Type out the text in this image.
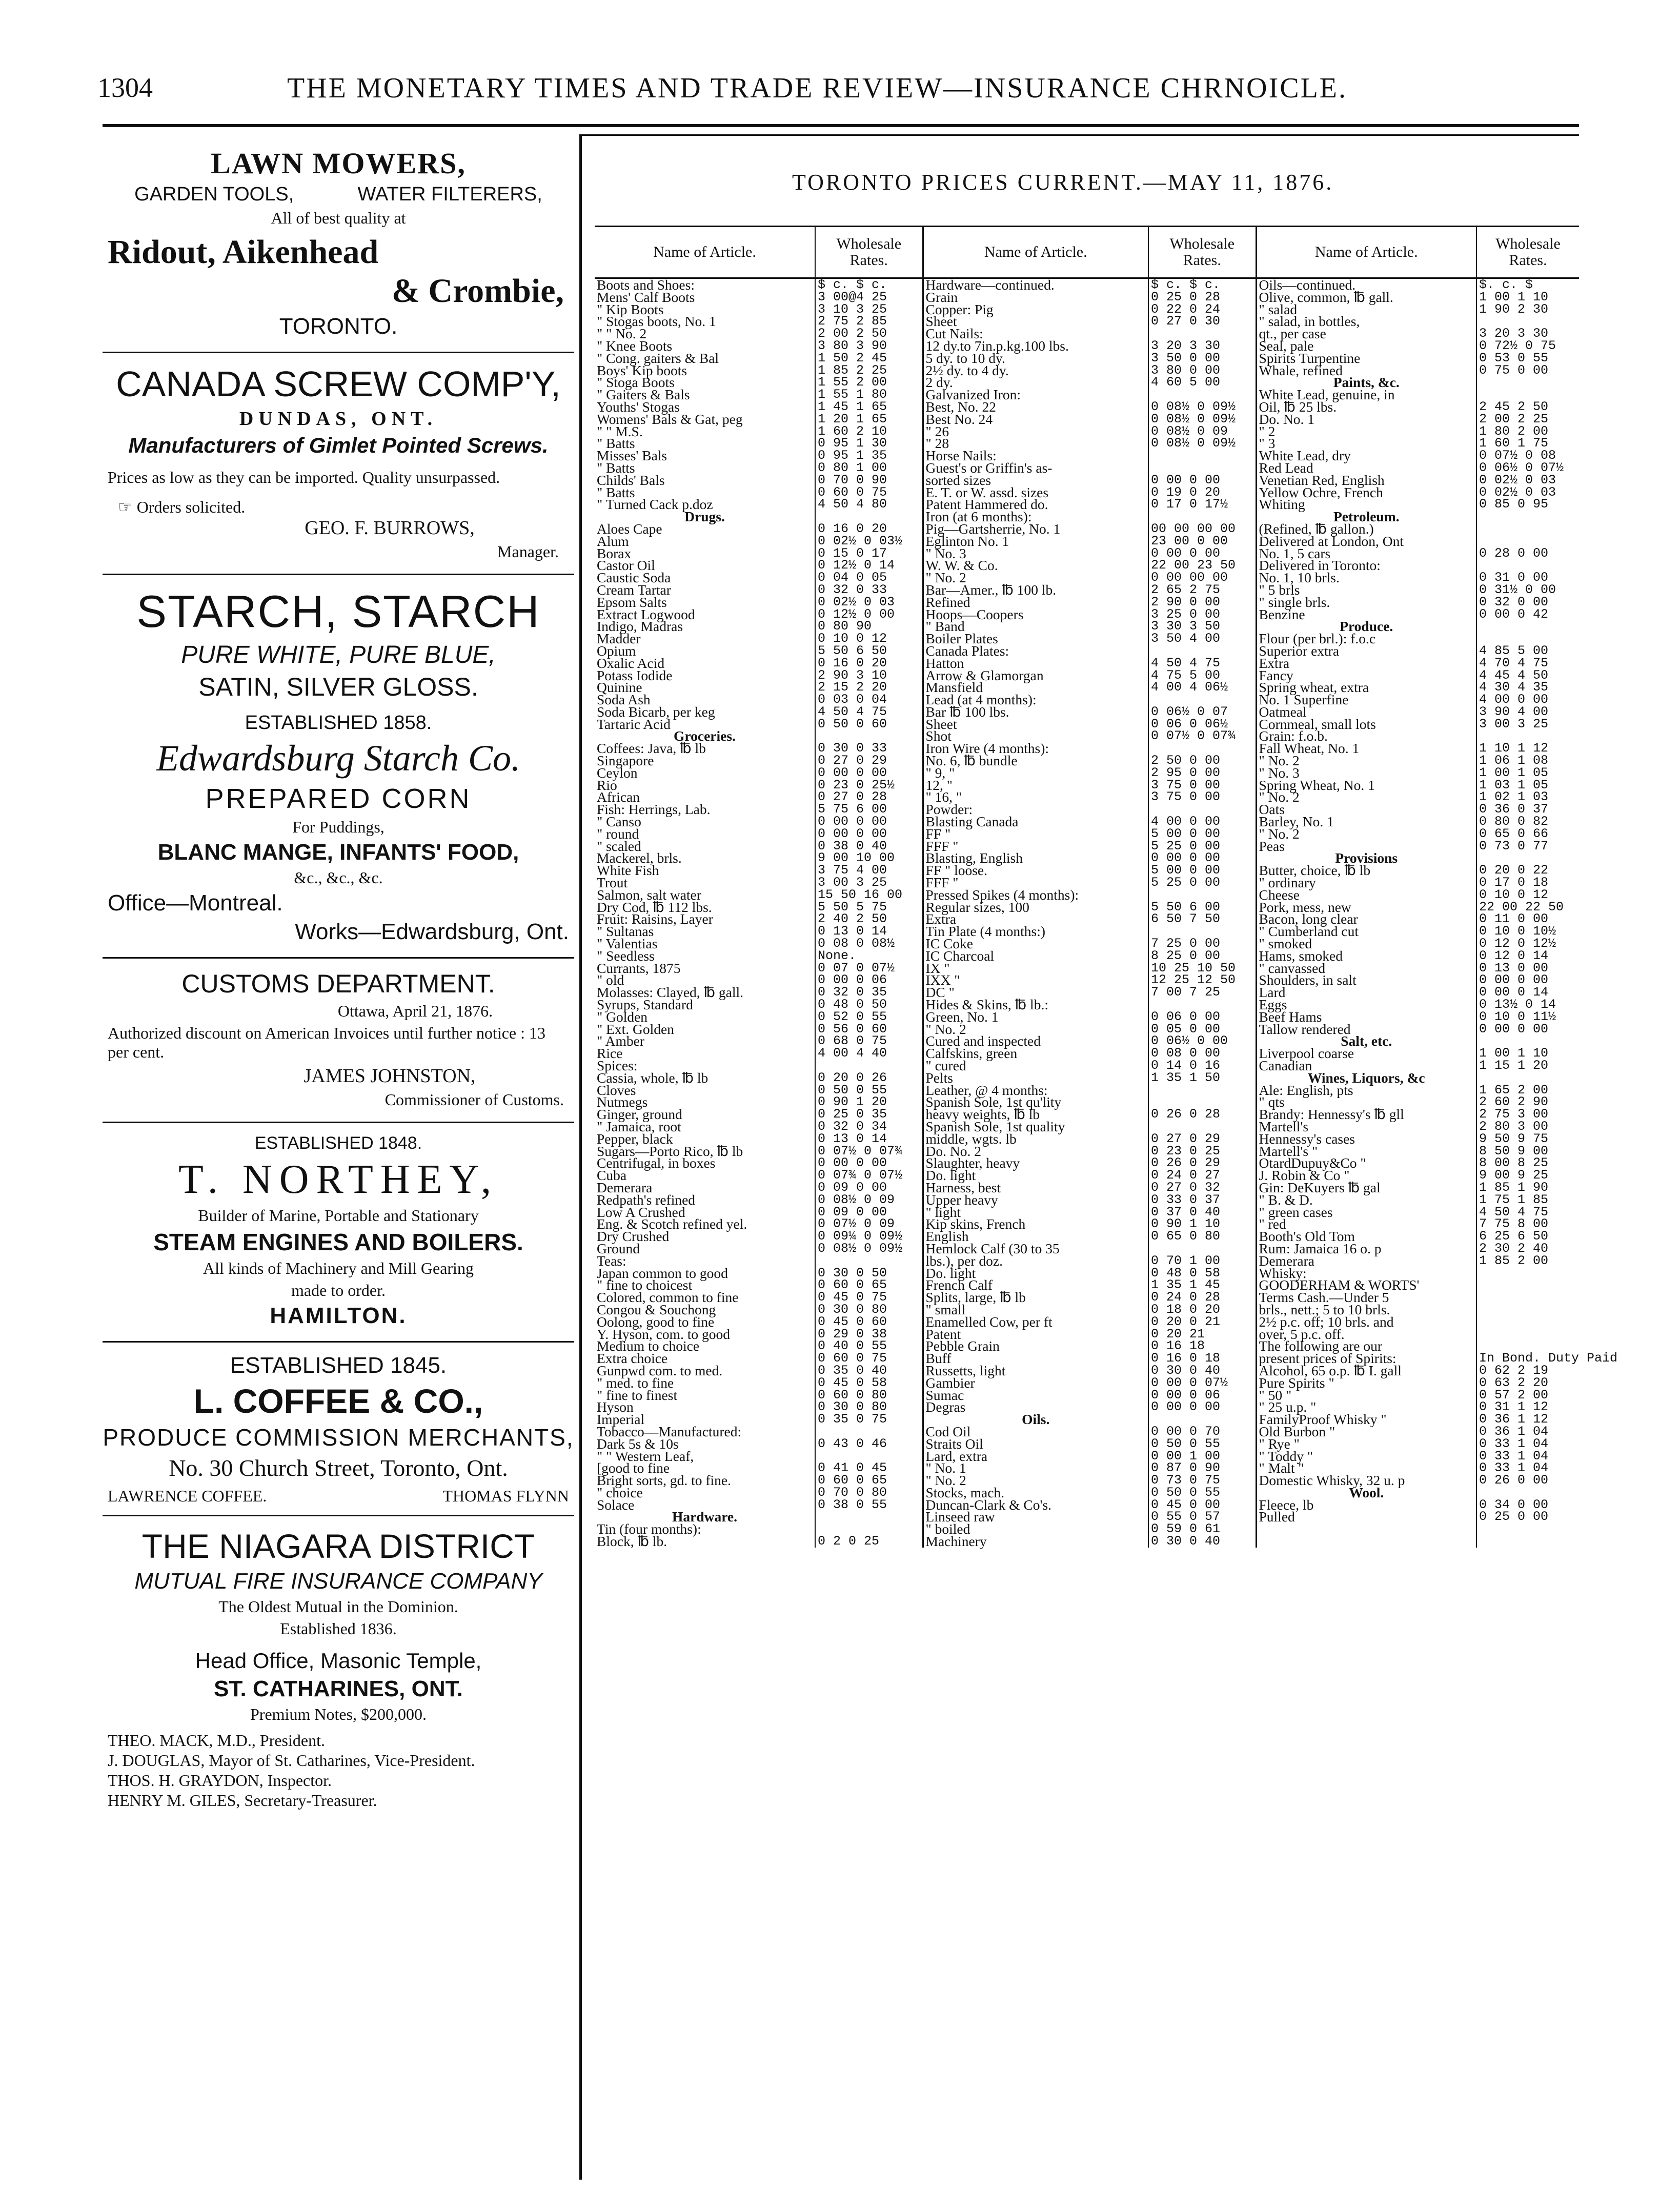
1304	THE MONETARY TIMES AND TRADE REVIEW—INSURANCE CHRNOICLE.

LAWN MOWERS,

GARDEN TOOLS,	WATER FILTERERS,

All of best quality at

Ridout, Aikenhead

& Crombie,

TORONTO.

CANADA SCREW COMP'Y,

DUNDAS, ONT.

Manufacturers of Gimlet Pointed Screws.

Prices as low as they can be imported. Quality unsurpassed.

☞ Orders solicited.

GEO. F. BURROWS,

Manager.

STARCH, STARCH

PURE WHITE, PURE BLUE,

SATIN, SILVER GLOSS.

ESTABLISHED 1858.

Edwardsburg Starch Co.

PREPARED CORN

For Puddings,

BLANC MANGE, INFANTS' FOOD,

&c., &c., &c.

Office—Montreal.

Works—Edwardsburg, Ont.

CUSTOMS DEPARTMENT.

Ottawa, April 21, 1876.

Authorized discount on American Invoices until further notice : 13 per cent.

JAMES JOHNSTON,

Commissioner of Customs.

ESTABLISHED 1848.

T. NORTHEY,

Builder of Marine, Portable and Stationary

STEAM ENGINES AND BOILERS.

All kinds of Machinery and Mill Gearing

made to order.

HAMILTON.

ESTABLISHED 1845.

L. COFFEE & CO.,

PRODUCE COMMISSION MERCHANTS,

No. 30 Church Street, Toronto, Ont.

LAWRENCE COFFEE.	THOMAS FLYNN

THE NIAGARA DISTRICT

MUTUAL FIRE INSURANCE COMPANY

The Oldest Mutual in the Dominion.

Established 1836.

Head Office, Masonic Temple,

ST. CATHARINES, ONT.

Premium Notes, $200,000.

THEO. MACK, M.D., President.

J. DOUGLAS, Mayor of St. Catharines, Vice-President.

THOS. H. GRAYDON, Inspector.

HENRY M. GILES, Secretary-Treasurer.

TORONTO PRICES CURRENT.—MAY 11, 1876.
Name of Article.	Wholesale Rates.	Name of Article.	Wholesale Rates.	Name of Article.	Wholesale Rates.
Boots and Shoes:	$ c. $ c.	Hardware—continued.	$ c. $ c.	Oils—continued.	$. c. $
Mens' Calf Boots	3 00@4 25	Grain	0 25 0 28	Olive, common, ℔ gall.	1 00 1 10
" Kip Boots	3 10 3 25	Copper: Pig	0 22 0 24	" salad	1 90 2 30
" Stogas boots, No. 1	2 75 2 85	Sheet	0 27 0 30	" salad, in bottles,	
" " No. 2	2 00 2 50	Cut Nails:		qt., per case	3 20 3 30
" Knee Boots	3 80 3 90	12 dy.to 7in.p.kg.100 lbs.	3 20 3 30	Seal, pale	0 72½ 0 75
" Cong. gaiters & Bal	1 50 2 45	5 dy. to 10 dy.	3 50 0 00	Spirits Turpentine	0 53 0 55
Boys' Kip boots	1 85 2 25	2½ dy. to 4 dy.	3 80 0 00	Whale, refined	0 75 0 00
" Stoga Boots	1 55 2 00	2 dy.	4 60 5 00	Paints, &c.	
" Gaiters & Bals	1 55 1 80	Galvanized Iron:		White Lead, genuine, in	
Youths' Stogas	1 45 1 65	Best, No. 22	0 08½ 0 09½	Oil, ℔ 25 lbs.	2 45 2 50
Womens' Bals & Gat, peg	1 20 1 65	Best No. 24	0 08½ 0 09½	Do. No. 1	2 00 2 25
" " M.S.	1 60 2 10	" 26	0 08½ 0 09	" 2	1 80 2 00
" Batts	0 95 1 30	" 28	0 08½ 0 09½	" 3	1 60 1 75
Misses' Bals	0 95 1 35	Horse Nails:		White Lead, dry	0 07½ 0 08
" Batts	0 80 1 00	Guest's or Griffin's as-		Red Lead	0 06½ 0 07½
Childs' Bals	0 70 0 90	sorted sizes	0 00 0 00	Venetian Red, English	0 02½ 0 03
" Batts	0 60 0 75	E. T. or W. assd. sizes	0 19 0 20	Yellow Ochre, French	0 02½ 0 03
" Turned Cack p.doz	4 50 4 80	Patent Hammered do.	0 17 0 17½	Whiting	0 85 0 95
Drugs.		Iron (at 6 months):		Petroleum.	
Aloes Cape	0 16 0 20	Pig—Gartsherrie, No. 1	00 00 00 00	(Refined, ℔ gallon.)	
Alum	0 02½ 0 03½	Eglinton No. 1	23 00 0 00	Delivered at London, Ont	
Borax	0 15 0 17	" No. 3	0 00 0 00	No. 1, 5 cars	0 28 0 00
Castor Oil	0 12½ 0 14	W. W. & Co.	22 00 23 50	Delivered in Toronto:	
Caustic Soda	0 04 0 05	" No. 2	0 00 00 00	No. 1, 10 brls.	0 31 0 00
Cream Tartar	0 32 0 33	Bar—Amer., ℔ 100 lb.	2 65 2 75	" 5 brls	0 31½ 0 00
Epsom Salts	0 02½ 0 03	Refined	2 90 0 00	" single brls.	0 32 0 00
Extract Logwood	0 12½ 0 00	Hoops—Coopers	3 25 0 00	Benzine	0 00 0 42
Indigo, Madras	0 80 90	" Band	3 30 3 50	Produce.	
Madder	0 10 0 12	Boiler Plates	3 50 4 00	Flour (per brl.): f.o.c	
Opium	5 50 6 50	Canada Plates:		Superior extra	4 85 5 00
Oxalic Acid	0 16 0 20	Hatton	4 50 4 75	Extra	4 70 4 75
Potass Iodide	2 90 3 10	Arrow & Glamorgan	4 75 5 00	Fancy	4 45 4 50
Quinine	2 15 2 20	Mansfield	4 00 4 06½	Spring wheat, extra	4 30 4 35
Soda Ash	0 03 0 04	Lead (at 4 months):		No. 1 Superfine	4 00 0 00
Soda Bicarb, per keg	4 50 4 75	Bar ℔ 100 lbs.	0 06½ 0 07	Oatmeal	3 90 4 00
Tartaric Acid	0 50 0 60	Sheet	0 06 0 06½	Cornmeal, small lots	3 00 3 25
Groceries.		Shot	0 07½ 0 07¾	Grain: f.o.b.	
Coffees: Java, ℔ lb	0 30 0 33	Iron Wire (4 months):		Fall Wheat, No. 1	1 10 1 12
Singapore	0 27 0 29	No. 6, ℔ bundle	2 50 0 00	" No. 2	1 06 1 08
Ceylon	0 00 0 00	" 9, "	2 95 0 00	" No. 3	1 00 1 05
Rio	0 23 0 25½	12, "	3 75 0 00	Spring Wheat, No. 1	1 03 1 05
African	0 27 0 28	" 16, "	3 75 0 00	" No. 2	1 02 1 03
Fish: Herrings, Lab.	5 75 6 00	Powder:		Oats	0 36 0 37
" Canso	0 00 0 00	Blasting Canada	4 00 0 00	Barley, No. 1	0 80 0 82
" round	0 00 0 00	FF "	5 00 0 00	" No. 2	0 65 0 66
" scaled	0 38 0 40	FFF "	5 25 0 00	Peas	0 73 0 77
Mackerel, brls.	9 00 10 00	Blasting, English	0 00 0 00	Provisions	
White Fish	3 75 4 00	FF " loose.	5 00 0 00	Butter, choice, ℔ lb	0 20 0 22
Trout	3 00 3 25	FFF "	5 25 0 00	" ordinary	0 17 0 18
Salmon, salt water	15 50 16 00	Pressed Spikes (4 months):		Cheese	0 10 0 12
Dry Cod, ℔ 112 lbs.	5 50 5 75	Regular sizes, 100	5 50 6 00	Pork, mess, new	22 00 22 50
Fruit: Raisins, Layer	2 40 2 50	Extra	6 50 7 50	Bacon, long clear	0 11 0 00
" Sultanas	0 13 0 14	Tin Plate (4 months:)		" Cumberland cut	0 10 0 10½
" Valentias	0 08 0 08½	IC Coke	7 25 0 00	" smoked	0 12 0 12½
" Seedless	None.	IC Charcoal	8 25 0 00	Hams, smoked	0 12 0 14
Currants, 1875	0 07 0 07½	IX "	10 25 10 50	" canvassed	0 13 0 00
" old	0 00 0 06	IXX "	12 25 12 50	Shoulders, in salt	0 00 0 00
Molasses: Clayed, ℔ gall.	0 32 0 35	DC "	7 00 7 25	Lard	0 00 0 14
Syrups, Standard	0 48 0 50	Hides & Skins, ℔ lb.:		Eggs	0 13½ 0 14
" Golden	0 52 0 55	Green, No. 1	0 06 0 00	Beef Hams	0 10 0 11½
" Ext. Golden	0 56 0 60	" No. 2	0 05 0 00	Tallow rendered	0 00 0 00
" Amber	0 68 0 75	Cured and inspected	0 06½ 0 00	Salt, etc.	
Rice	4 00 4 40	Calfskins, green	0 08 0 00	Liverpool coarse	1 00 1 10
Spices:		" cured	0 14 0 16	Canadian	1 15 1 20
Cassia, whole, ℔ lb	0 20 0 26	Pelts	1 35 1 50	Wines, Liquors, &c	
Cloves	0 50 0 55	Leather, @ 4 months:		Ale: English, pts	1 65 2 00
Nutmegs	0 90 1 20	Spanish Sole, 1st qu'lity		" qts	2 60 2 90
Ginger, ground	0 25 0 35	heavy weights, ℔ lb	0 26 0 28	Brandy: Hennessy's ℔ gll	2 75 3 00
" Jamaica, root	0 32 0 34	Spanish Sole, 1st quality		Martell's	2 80 3 00
Pepper, black	0 13 0 14	middle, wgts. lb	0 27 0 29	Hennessy's cases	9 50 9 75
Sugars—Porto Rico, ℔ lb	0 07½ 0 07¾	Do. No. 2	0 23 0 25	Martell's "	8 50 9 00
Centrifugal, in boxes	0 00 0 00	Slaughter, heavy	0 26 0 29	OtardDupuy&Co "	8 00 8 25
Cuba	0 07¾ 0 07½	Do. light	0 24 0 27	J. Robin & Co "	9 00 9 25
Demerara	0 09 0 00	Harness, best	0 27 0 32	Gin: DeKuyers ℔ gal	1 85 1 90
Redpath's refined	0 08½ 0 09	Upper heavy	0 33 0 37	" B. & D.	1 75 1 85
Low A Crushed	0 09 0 00	" light	0 37 0 40	" green cases	4 50 4 75
Eng. & Scotch refined yel.	0 07½ 0 09	Kip skins, French	0 90 1 10	" red	7 75 8 00
Dry Crushed	0 09¼ 0 09½	English	0 65 0 80	Booth's Old Tom	6 25 6 50
Ground	0 08½ 0 09½	Hemlock Calf (30 to 35		Rum: Jamaica 16 o. p	2 30 2 40
Teas:		lbs.), per doz.	0 70 1 00	Demerara	1 85 2 00
Japan common to good	0 30 0 50	Do. light	0 48 0 58	Whisky:	
" fine to choicest	0 60 0 65	French Calf	1 35 1 45	GOODERHAM & WORTS'	
Colored, common to fine	0 45 0 75	Splits, large, ℔ lb	0 24 0 28	Terms Cash.—Under 5	
Congou & Souchong	0 30 0 80	" small	0 18 0 20	brls., nett.; 5 to 10 brls.	
Oolong, good to fine	0 45 0 60	Enamelled Cow, per ft	0 20 0 21	2½ p.c. off; 10 brls. and	
Y. Hyson, com. to good	0 29 0 38	Patent	0 20 21	over, 5 p.c. off.	
Medium to choice	0 40 0 55	Pebble Grain	0 16 18	The following are our	
Extra choice	0 60 0 75	Buff	0 16 0 18	present prices of Spirits:	In Bond. Duty Paid
Gunpwd com. to med.	0 35 0 40	Russetts, light	0 30 0 40	Alcohol, 65 o.p. ℔ I. gall	0 62 2 19
" med. to fine	0 45 0 58	Gambier	0 00 0 07½	Pure Spirits "	0 63 2 20
" fine to finest	0 60 0 80	Sumac	0 00 0 06	" 50 "	0 57 2 00
Hyson	0 30 0 80	Degras	0 00 0 00	" 25 u.p. "	0 31 1 12
Imperial	0 35 0 75	Oils.		FamilyProof Whisky "	0 36 1 12
Tobacco—Manufactured:		Cod Oil	0 00 0 70	Old Burbon "	0 36 1 04
Dark 5s & 10s	0 43 0 46	Straits Oil	0 50 0 55	" Rye "	0 33 1 04
" " Western Leaf,		Lard, extra	0 00 1 00	" Toddy "	0 33 1 04
[good to fine	0 41 0 45	" No. 1	0 87 0 90	" Malt "	0 33 1 04
Bright sorts, gd. to fine.	0 60 0 65	" No. 2	0 73 0 75	Domestic Whisky, 32 u. p	0 26 0 00
" choice	0 70 0 80	Stocks, mach.	0 50 0 55	Wool.	
Solace	0 38 0 55	Duncan-Clark & Co's.	0 45 0 00	Fleece, lb	0 34 0 00
Hardware.		Linseed raw	0 55 0 57	Pulled	0 25 0 00
Tin (four months):		" boiled	0 59 0 61		
Block, ℔ lb.	0 2 0 25	Machinery	0 30 0 40		
